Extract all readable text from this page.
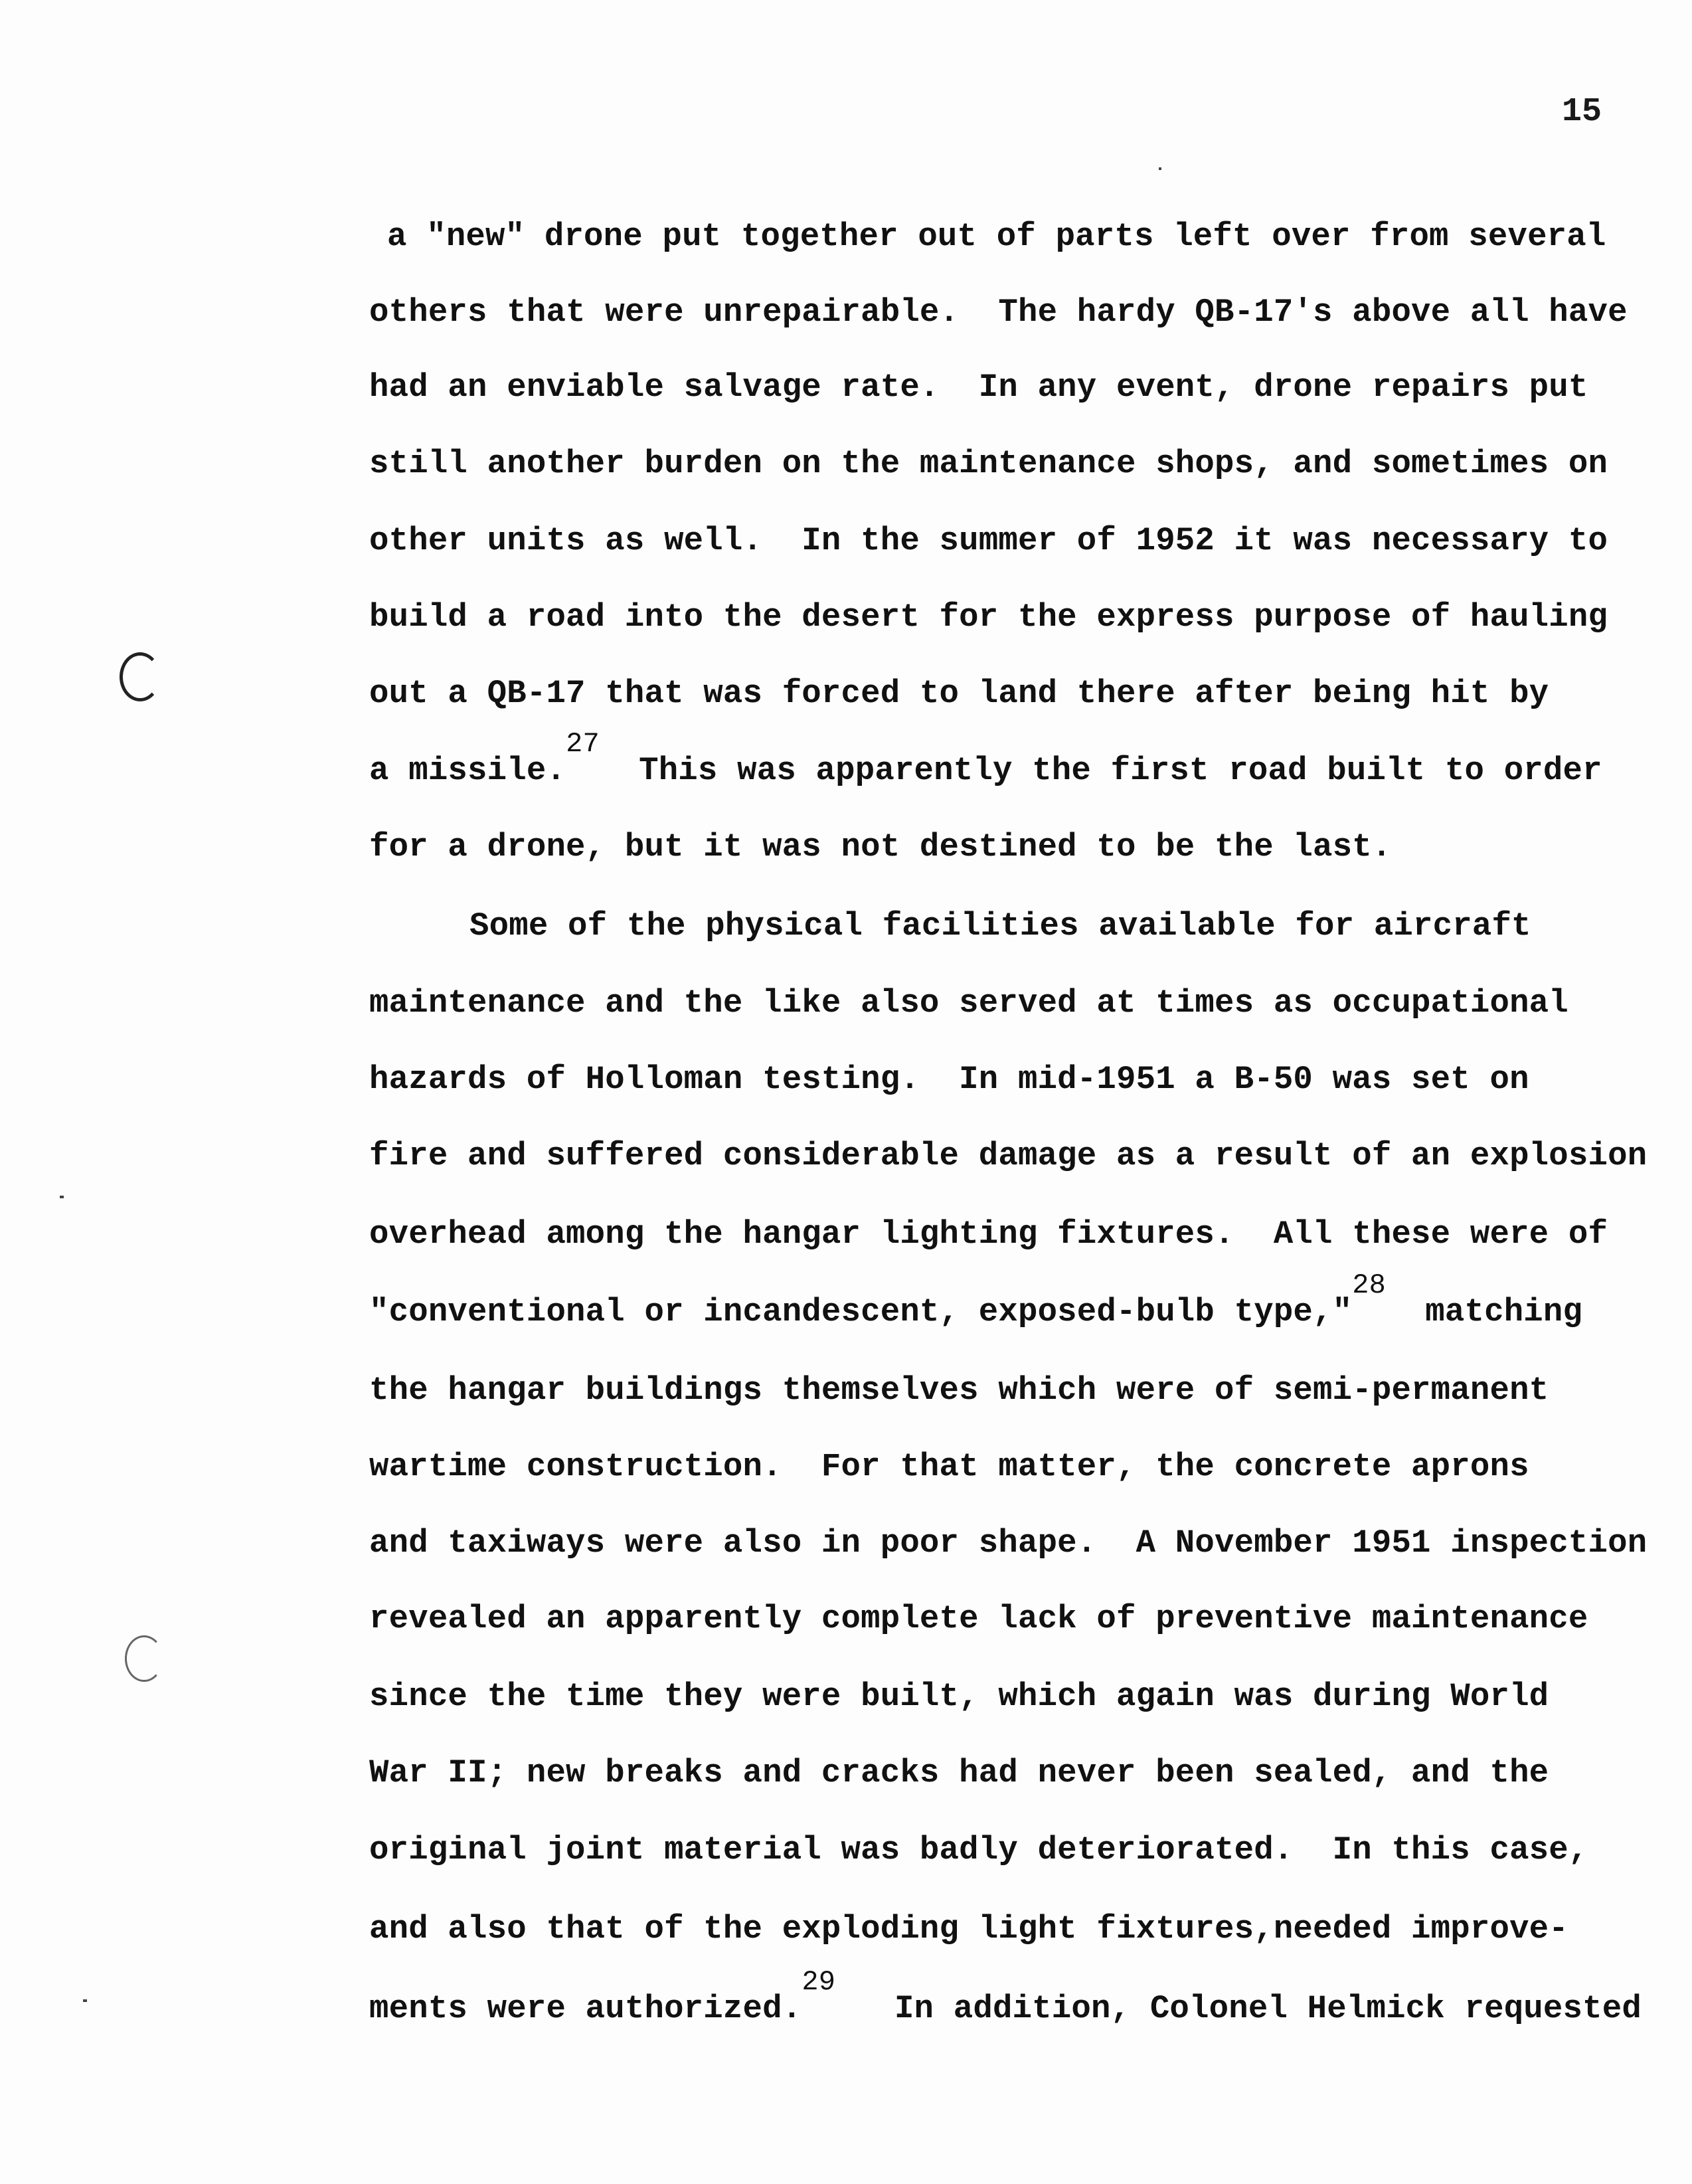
15
a "new" drone put together out of parts left over from several
others that were unrepairable.  The hardy QB-17's above all have
had an enviable salvage rate.  In any event, drone repairs put
still another burden on the maintenance shops, and sometimes on
other units as well.  In the summer of 1952 it was necessary to
build a road into the desert for the express purpose of hauling
out a QB-17 that was forced to land there after being hit by
a missile.27  This was apparently the first road built to order
for a drone, but it was not destined to be the last.
Some of the physical facilities available for aircraft
maintenance and the like also served at times as occupational
hazards of Holloman testing.  In mid-1951 a B-50 was set on
fire and suffered considerable damage as a result of an explosion
overhead among the hangar lighting fixtures.  All these were of
"conventional or incandescent, exposed-bulb type,"28  matching
the hangar buildings themselves which were of semi-permanent
wartime construction.  For that matter, the concrete aprons
and taxiways were also in poor shape.  A November 1951 inspection
revealed an apparently complete lack of preventive maintenance
since the time they were built, which again was during World
War II; new breaks and cracks had never been sealed, and the
original joint material was badly deteriorated.  In this case,
and also that of the exploding light fixtures,needed improve-
ments were authorized.29   In addition, Colonel Helmick requested
